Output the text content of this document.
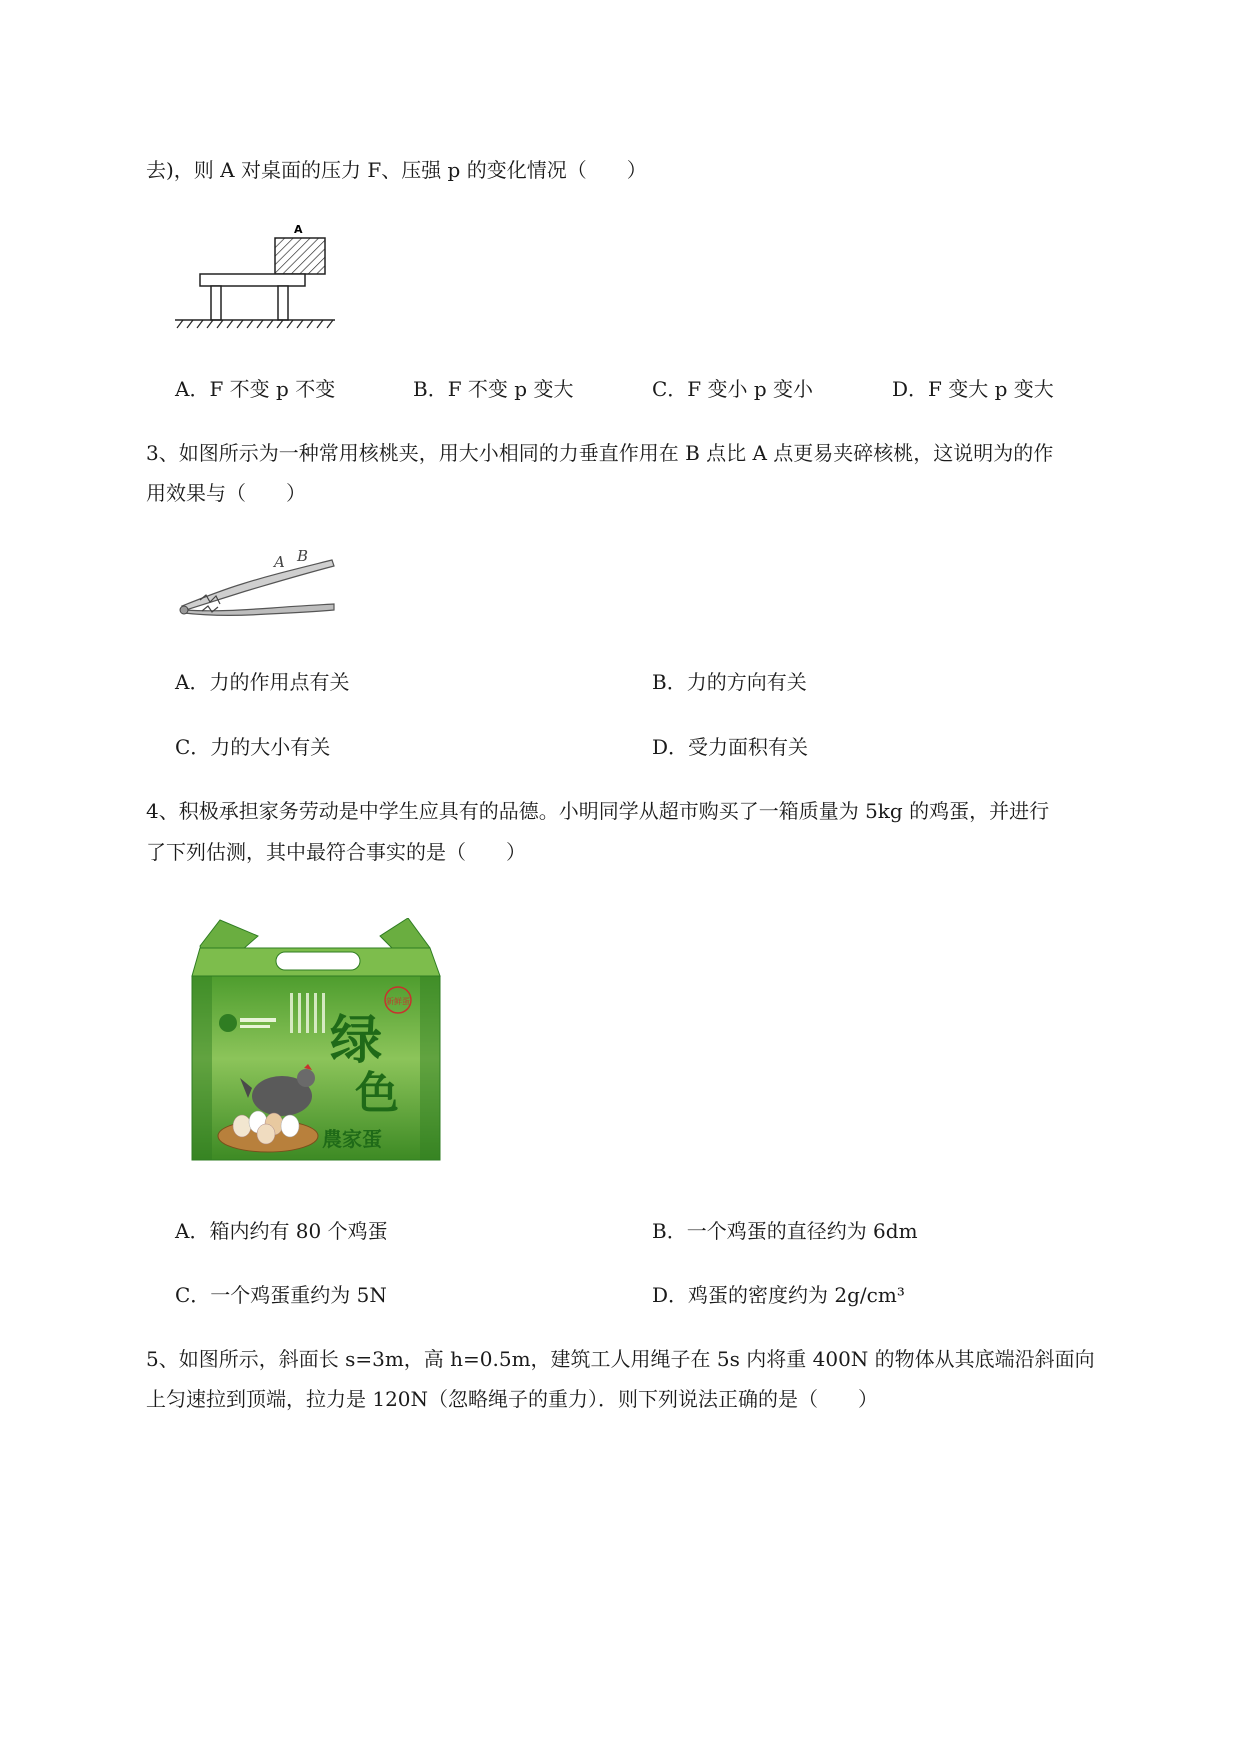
去)，则 A 对桌面的压力 F、压强 p 的变化情况（　　）
A
A．F 不变 p 不变	B．F 不变 p 变大	C．F 变小 p 变小	D．F 变大 p 变大
3、如图所示为一种常用核桃夹，用大小相同的力垂直作用在 B 点比 A 点更易夹碎核桃，这说明为的作
用效果与（　　）
A B
A．力的作用点有关	B．力的方向有关
C．力的大小有关	D．受力面积有关
4、积极承担家务劳动是中学生应具有的品德。小明同学从超市购买了一箱质量为 5kg 的鸡蛋，并进行
了下列估测，其中最符合事实的是（　　）
新鲜蛋
绿
色
農家蛋
A．箱内约有 80 个鸡蛋	B．一个鸡蛋的直径约为 6dm
C．一个鸡蛋重约为 5N	D．鸡蛋的密度约为 2g/cm³
5、如图所示，斜面长 s=3m，高 h=0.5m，建筑工人用绳子在 5s 内将重 400N 的物体从其底端沿斜面向
上匀速拉到顶端，拉力是 120N（忽略绳子的重力）．则下列说法正确的是（　　）
